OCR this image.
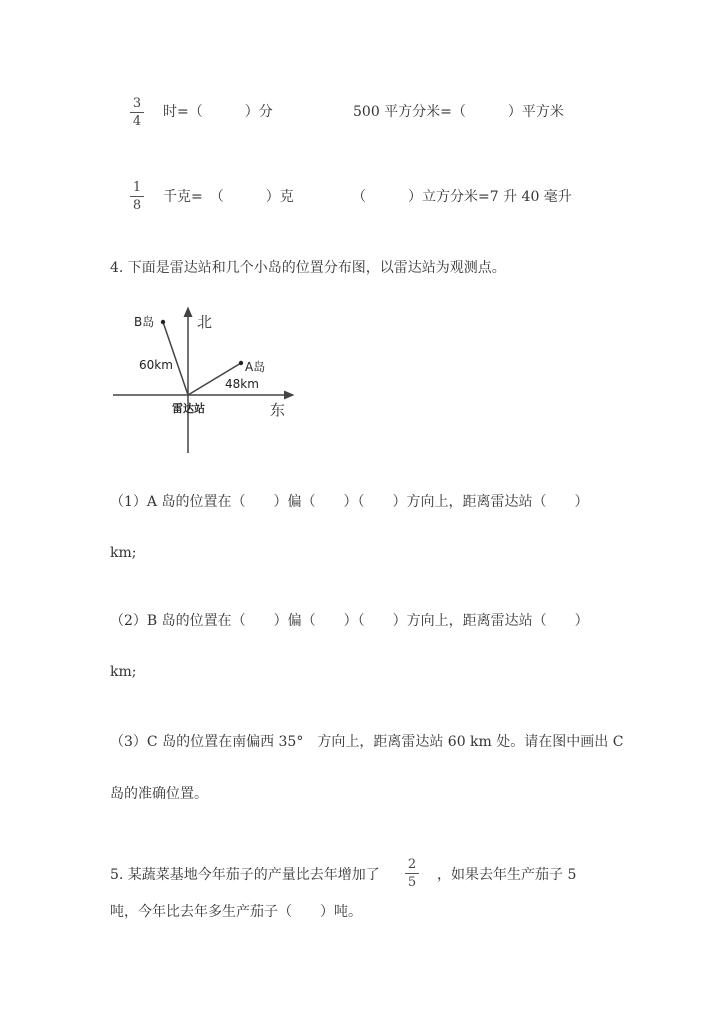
3
4
时=（　　　）分	500 平方分米=（　　　）平方米
1
8
千克=　（　　　）克	（　　　）立方分米=7 升 40 毫升
4. 下面是雷达站和几个小岛的位置分布图，以雷达站为观测点。
北
东
雷达站
B岛
60km	A岛
48km
（1）A 岛的位置在（　　）偏（　　）（　　）方向上，距离雷达站（　　）
km;
（2）B 岛的位置在（　　）偏（　　）（　　）方向上，距离雷达站（　　）
km;
（3）C 岛的位置在南偏西 35°　方向上，距离雷达站 60 km 处。请在图中画出 C
岛的准确位置。
5. 某蔬菜基地今年茄子的产量比去年增加了
2
5 ，如果去年生产茄子 5
吨，今年比去年多生产茄子（　　）吨。
